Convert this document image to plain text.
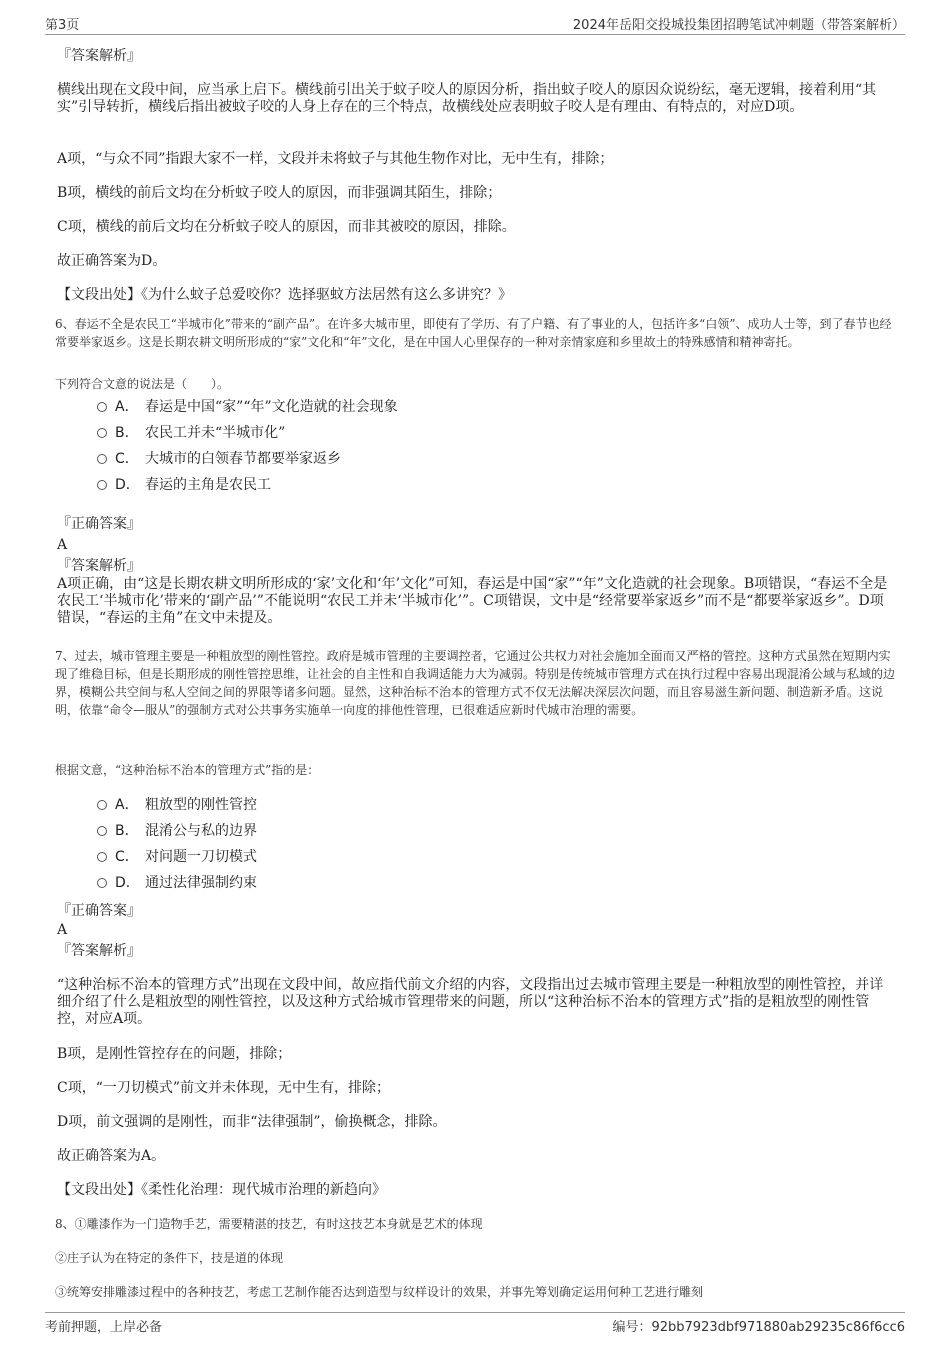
第3页	2024年岳阳交投城投集团招聘笔试冲刺题（带答案解析）

『答案解析』

横线出现在文段中间，应当承上启下。横线前引出关于蚊子咬人的原因分析，指出蚊子咬人的原因众说纷纭，毫无逻辑，接着利用“其实”引导转折，横线后指出被蚊子咬的人身上存在的三个特点，故横线处应表明蚊子咬人是有理由、有特点的，对应D项。

A项，“与众不同”指跟大家不一样，文段并未将蚊子与其他生物作对比，无中生有，排除；

B项，横线的前后文均在分析蚊子咬人的原因，而非强调其陌生，排除；

C项，横线的前后文均在分析蚊子咬人的原因，而非其被咬的原因，排除。

故正确答案为D。

【文段出处】《为什么蚊子总爱咬你？选择驱蚊方法居然有这么多讲究？》

6、春运不全是农民工“半城市化”带来的“副产品”。在许多大城市里，即使有了学历、有了户籍、有了事业的人，包括许多“白领”、成功人士等，到了春节也经常要举家返乡。这是长期农耕文明所形成的“家”文化和“年”文化，是在中国人心里保存的一种对亲情家庭和乡里故土的特殊感情和精神寄托。

下列符合文意的说法是（　　）。

A． 春运是中国“家”“年”文化造就的社会现象
B． 农民工并未“半城市化”
C． 大城市的白领春节都要举家返乡
D． 春运的主角是农民工

『正确答案』

A

『答案解析』

A项正确，由“这是长期农耕文明所形成的‘家’文化和‘年’文化”可知，春运是中国“家”“年”文化造就的社会现象。B项错误，“春运不全是农民工‘半城市化’带来的‘副产品’”不能说明“农民工并未‘半城市化’”。C项错误，文中是“经常要举家返乡”而不是“都要举家返乡”。D项错误，“春运的主角”在文中未提及。

7、过去，城市管理主要是一种粗放型的刚性管控。政府是城市管理的主要调控者，它通过公共权力对社会施加全面而又严格的管控。这种方式虽然在短期内实现了维稳目标，但是长期形成的刚性管控思维，让社会的自主性和自我调适能力大为减弱。特别是传统城市管理方式在执行过程中容易出现混淆公域与私域的边界，模糊公共空间与私人空间之间的界限等诸多问题。显然，这种治标不治本的管理方式不仅无法解决深层次问题，而且容易滋生新问题、制造新矛盾。这说明，依靠“命令—服从”的强制方式对公共事务实施单一向度的排他性管理，已很难适应新时代城市治理的需要。

根据文意，“这种治标不治本的管理方式”指的是：

A． 粗放型的刚性管控
B． 混淆公与私的边界
C． 对问题一刀切模式
D． 通过法律强制约束

『正确答案』

A

『答案解析』

“这种治标不治本的管理方式”出现在文段中间，故应指代前文介绍的内容，文段指出过去城市管理主要是一种粗放型的刚性管控，并详细介绍了什么是粗放型的刚性管控，以及这种方式给城市管理带来的问题，所以“这种治标不治本的管理方式”指的是粗放型的刚性管控，对应A项。

B项，是刚性管控存在的问题，排除；

C项，“一刀切模式”前文并未体现，无中生有，排除；

D项，前文强调的是刚性，而非“法律强制”，偷换概念，排除。

故正确答案为A。

【文段出处】《柔性化治理：现代城市治理的新趋向》

8、①雕漆作为一门造物手艺，需要精湛的技艺，有时这技艺本身就是艺术的体现

②庄子认为在特定的条件下，技是道的体现

③统筹安排雕漆过程中的各种技艺，考虑工艺制作能否达到造型与纹样设计的效果，并事先筹划确定运用何种工艺进行雕刻

考前押题，上岸必备	编号：92bb7923dbf971880ab29235c86f6cc6
